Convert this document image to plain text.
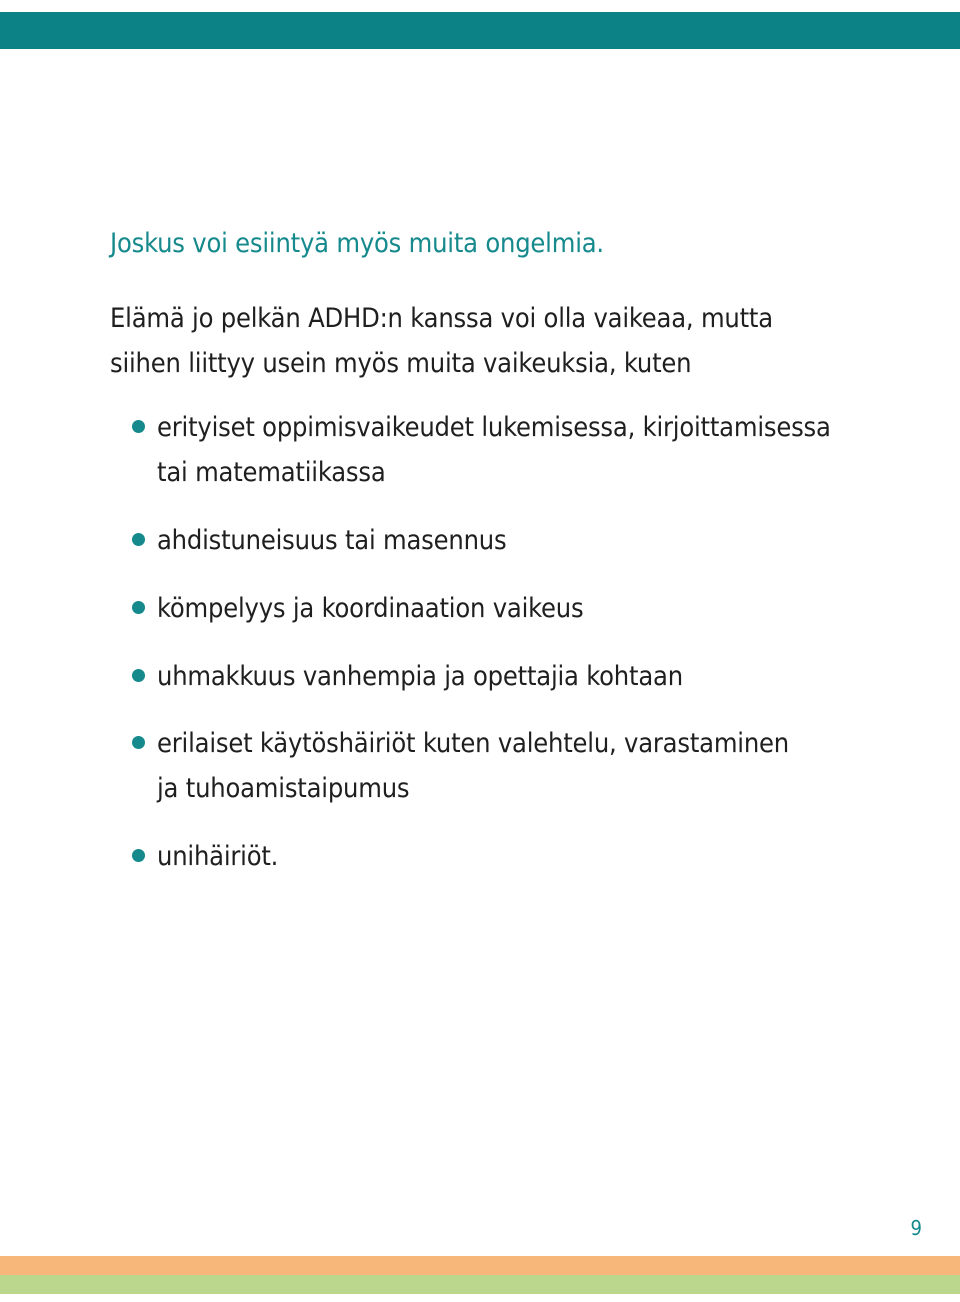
Joskus voi esiintyä myös muita ongelmia.

Elämä jo pelkän ADHD:n kanssa voi olla vaikeaa, mutta
siihen liittyy usein myös muita vaikeuksia, kuten

erityiset oppimisvaikeudet lukemisessa, kirjoittamisessa
tai matematiikassa
ahdistuneisuus tai masennus
kömpelyys ja koordinaation vaikeus
uhmakkuus vanhempia ja opettajia kohtaan
erilaiset käytöshäiriöt kuten valehtelu, varastaminen
ja tuhoamistaipumus
unihäiriöt.
9
